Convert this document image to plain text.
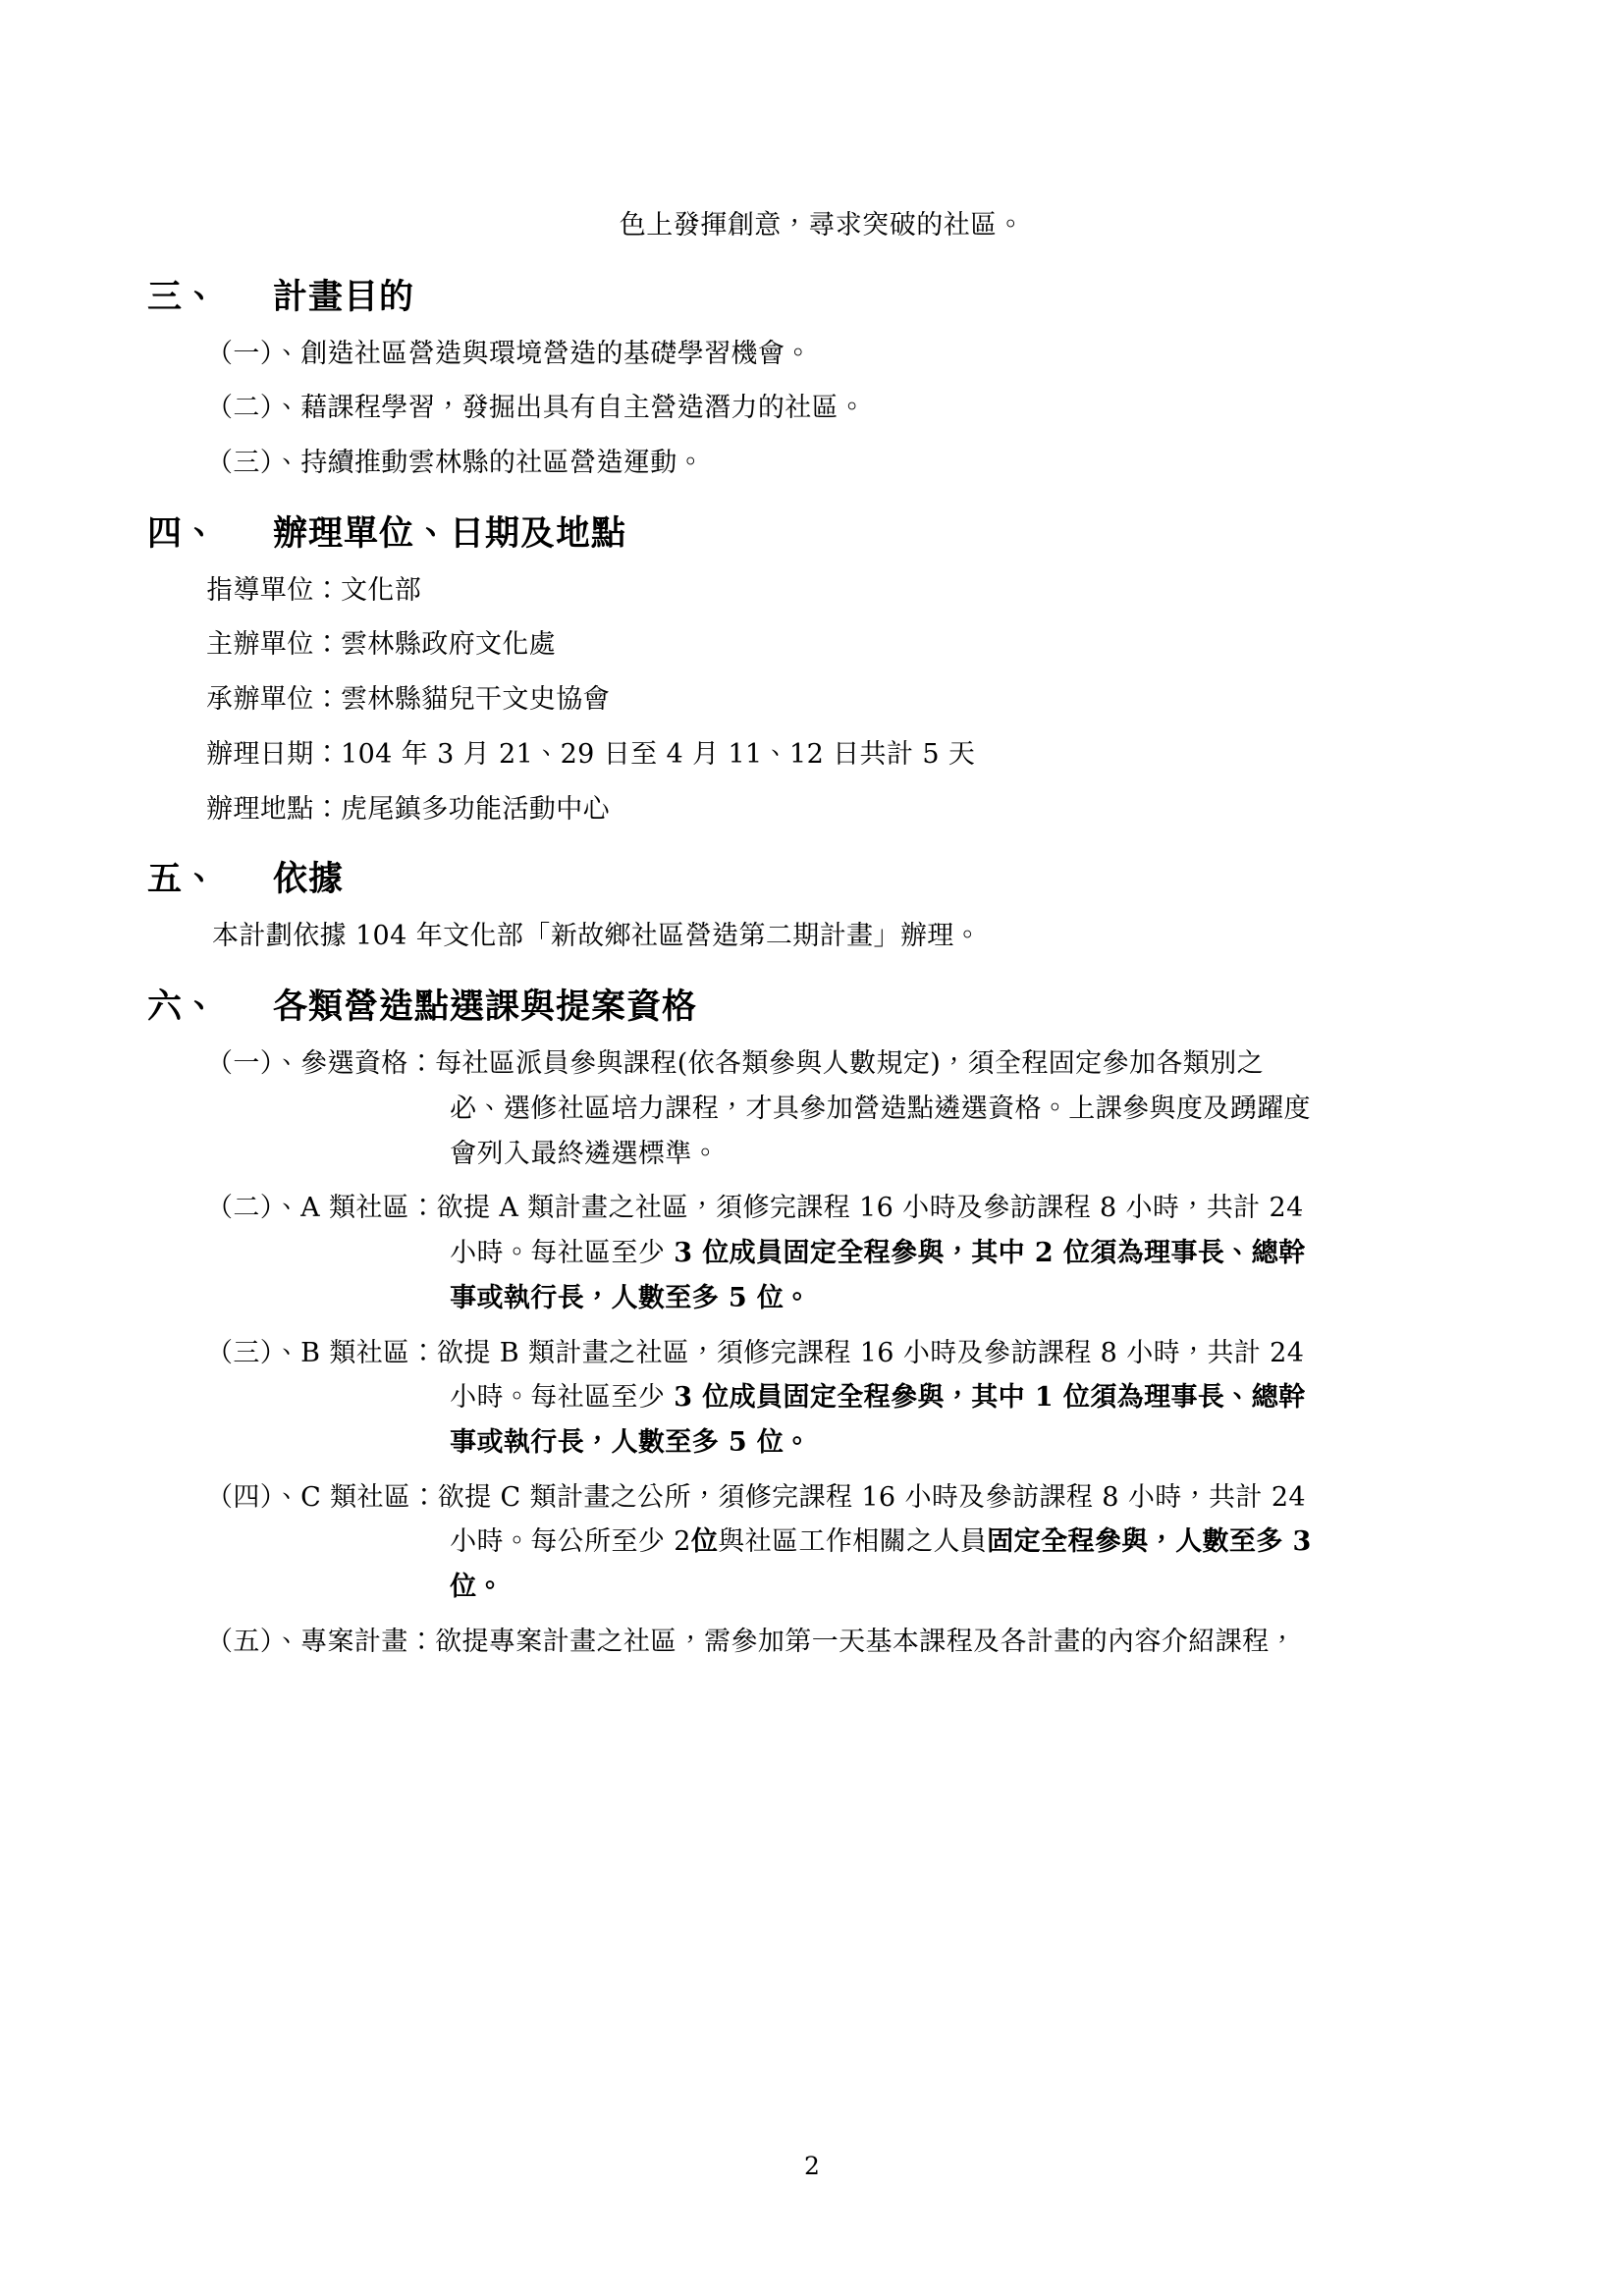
色上發揮創意，尋求突破的社區。
三、	計畫目的
（一）、 創造社區營造與環境營造的基礎學習機會。
（二）、 藉課程學習，發掘出具有自主營造潛力的社區。
（三）、 持續推動雲林縣的社區營造運動。
四、	辦理單位、日期及地點
指導單位：文化部
主辦單位：雲林縣政府文化處
承辦單位：雲林縣貓兒干文史協會
辦理日期：104 年 3 月 21、29 日至 4 月 11、12 日共計 5 天
辦理地點：虎尾鎮多功能活動中心
五、	依據
本計劃依據 104 年文化部「新故鄉社區營造第二期計畫」辦理。
六、	各類營造點選課與提案資格
（一）、 參選資格：每社區派員參與課程(依各類參與人數規定)，須全程固定參加各類別之
必、選修社區培力課程，才具參加營造點遴選資格。上課參與度及踴躍度
會列入最終遴選標準。
（二）、 A 類社區：欲提 A 類計畫之社區，須修完課程 16 小時及參訪課程 8 小時，共計 24
小時。每社區至少 3 位成員固定全程參與，其中 2 位須為理事長、總幹
事或執行長，人數至多 5 位。
（三）、 B 類社區：欲提 B 類計畫之社區，須修完課程 16 小時及參訪課程 8 小時，共計 24
小時。每社區至少 3 位成員固定全程參與，其中 1 位須為理事長、總幹
事或執行長，人數至多 5 位。
（四）、 C 類社區：欲提 C 類計畫之公所，須修完課程 16 小時及參訪課程 8 小時，共計 24
小時。每公所至少 2位與社區工作相關之人員固定全程參與，人數至多 3
位。
（五）、 專案計畫：欲提專案計畫之社區，需參加第一天基本課程及各計畫的內容介紹課程，
2
